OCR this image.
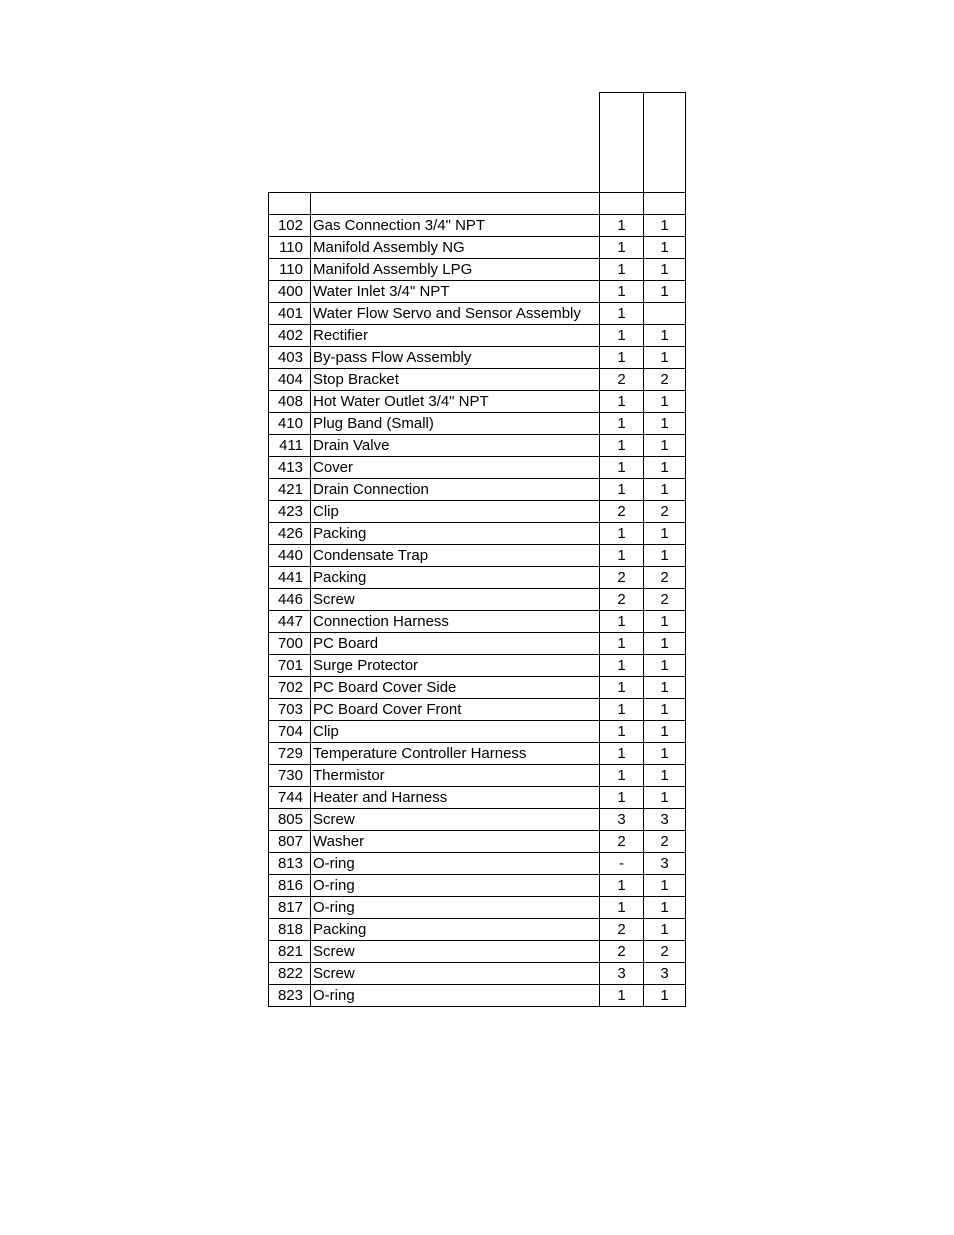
102	Gas Connection 3/4" NPT	1	1
110	Manifold Assembly NG	1	1
110	Manifold Assembly LPG	1	1
400	Water Inlet 3/4" NPT	1	1
401	Water Flow Servo and Sensor Assembly	1	
402	Rectifier	1	1
403	By-pass Flow Assembly	1	1
404	Stop Bracket	2	2
408	Hot Water Outlet 3/4" NPT	1	1
410	Plug Band (Small)	1	1
411	Drain Valve	1	1
413	Cover	1	1
421	Drain Connection	1	1
423	Clip	2	2
426	Packing	1	1
440	Condensate Trap	1	1
441	Packing	2	2
446	Screw	2	2
447	Connection Harness	1	1
700	PC Board	1	1
701	Surge Protector	1	1
702	PC Board Cover Side	1	1
703	PC Board Cover Front	1	1
704	Clip	1	1
729	Temperature Controller Harness	1	1
730	Thermistor	1	1
744	Heater and Harness	1	1
805	Screw	3	3
807	Washer	2	2
813	O-ring	-	3
816	O-ring	1	1
817	O-ring	1	1
818	Packing	2	1
821	Screw	2	2
822	Screw	3	3
823	O-ring	1	1
